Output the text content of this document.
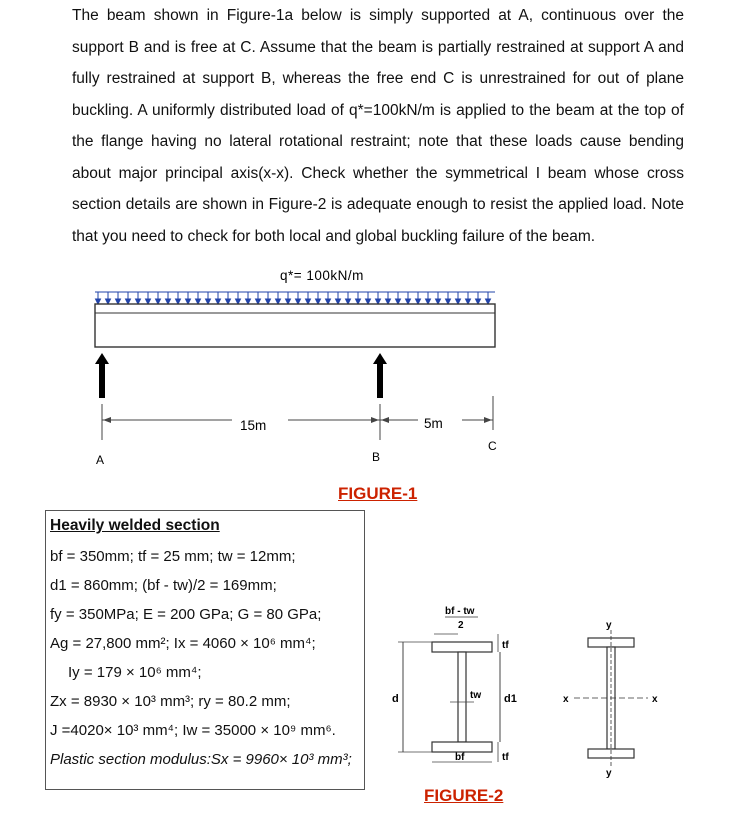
The beam shown in Figure-1a below is simply supported at A, continuous over the support B and is free at C. Assume that the beam is partially restrained at support A and fully restrained at support B, whereas the free end C is unrestrained for out of plane buckling. A uniformly distributed load of q*=100kN/m is applied to the beam at the top of the flange having no lateral rotational restraint; note that these loads cause bending about major principal axis(x-x). Check whether the symmetrical I beam whose cross section details are shown in Figure-2 is adequate enough to resist the applied load. Note that you need to check for both local and global buckling failure of the beam.

q*= 100kN/m
15m	5m
A	B
C
FIGURE-1
Heavily welded section
bf = 350mm; tf = 25 mm; tw = 12mm;
d1 = 860mm; (bf - tw)/2 = 169mm;
fy = 350MPa; E = 200 GPa; G = 80 GPa;
Ag = 27,800 mm²; Ix = 4060 × 10⁶ mm⁴;
Iy = 179 × 10⁶ mm⁴;
Zx = 8930 × 10³ mm³; ry = 80.2 mm;
J =4020× 10³ mm⁴; Iw = 35000 × 10⁹ mm⁶.
Plastic section modulus:Sx = 9960× 10³ mm³;
d
bf - tw
2
tf
tw d1
bf	tf
y
y
x	x
FIGURE-2
